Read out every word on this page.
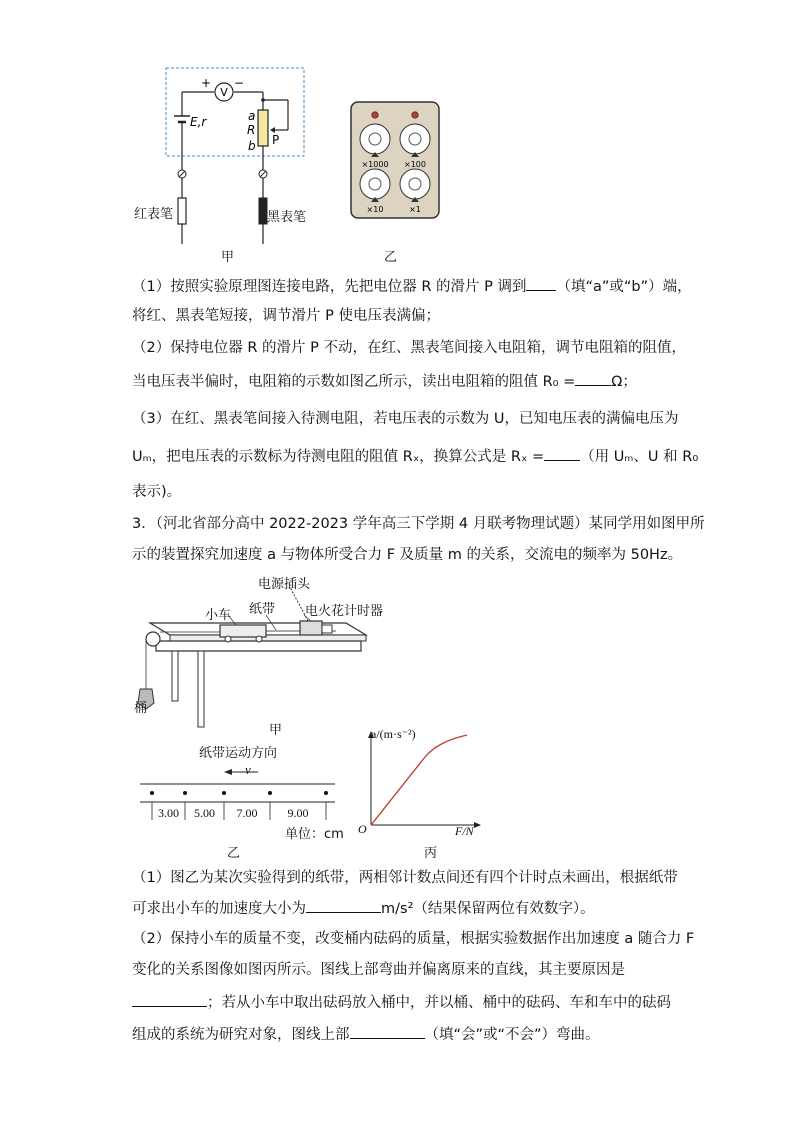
V
+ −
E,r	a
R
b P
红表笔	黑表笔
甲
×1000 ×100
×10	×1
乙
（1）按照实验原理图连接电路，先把电位器 R 的滑片 P 调到 （填“a”或“b”）端，
将红、黑表笔短接，调节滑片 P 使电压表满偏；
（2）保持电位器 R 的滑片 P 不动，在红、黑表笔间接入电阻箱，调节电阻箱的阻值，
当电压表半偏时，电阻箱的示数如图乙所示，读出电阻箱的阻值 R₀ = Ω；
（3）在红、黑表笔间接入待测电阻，若电压表的示数为 U，已知电压表的满偏电压为
Uₘ，把电压表的示数标为待测电阻的阻值 Rₓ，换算公式是 Rₓ = （用 Uₘ、U 和 R₀
表示)。
3．（河北省部分高中 2022-2023 学年高三下学期 4 月联考物理试题）某同学用如图甲所
示的装置探究加速度 a 与物体所受合力 F 及质量 m 的关系，交流电的频率为 50Hz。
电源插头
小车 纸带 电火花计时器
桶
甲
纸带运动方向
v
3.00	5.00	7.00	9.00
单位：cm
乙
a/(m·s⁻²)
F/N
O
丙
（1）图乙为某次实验得到的纸带，两相邻计数点间还有四个计时点未画出，根据纸带
可求出小车的加速度大小为	m/s²（结果保留两位有效数字）。
（2）保持小车的质量不变，改变桶内砝码的质量，根据实验数据作出加速度 a 随合力 F
变化的关系图像如图丙所示。图线上部弯曲并偏离原来的直线，其主要原因是
；若从小车中取出砝码放入桶中，并以桶、桶中的砝码、车和车中的砝码
组成的系统为研究对象，图线上部	（填“会”或“不会”）弯曲。
